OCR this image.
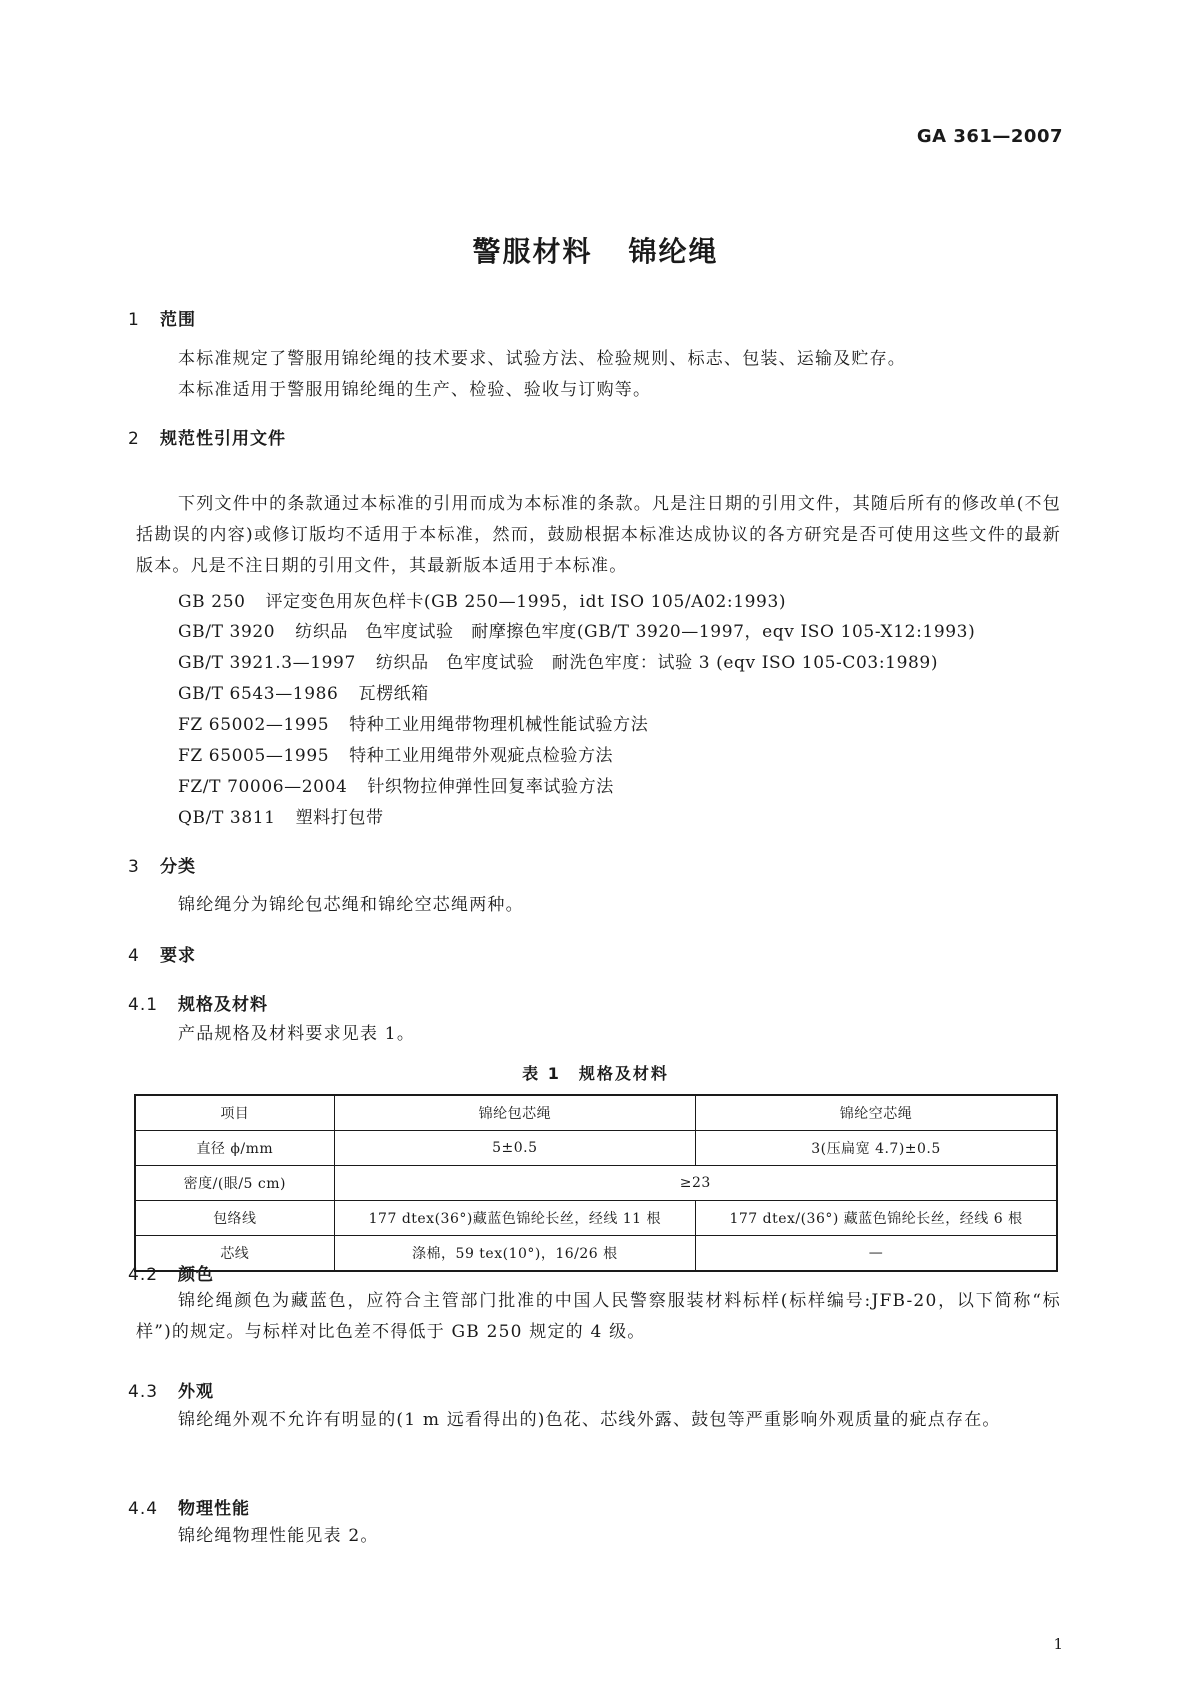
GA 361—2007
警服材料 锦纶绳
1 范围
本标准规定了警服用锦纶绳的技术要求、试验方法、检验规则、标志、包装、运输及贮存。
本标准适用于警服用锦纶绳的生产、检验、验收与订购等。
2 规范性引用文件
下列文件中的条款通过本标准的引用而成为本标准的条款。凡是注日期的引用文件，其随后所有的修改单(不包括勘误的内容)或修订版均不适用于本标准，然而，鼓励根据本标准达成协议的各方研究是否可使用这些文件的最新版本。凡是不注日期的引用文件，其最新版本适用于本标准。
GB 250 评定变色用灰色样卡(GB 250—1995，idt ISO 105/A02:1993)
GB/T 3920 纺织品　色牢度试验　耐摩擦色牢度(GB/T 3920—1997，eqv ISO 105-X12:1993)
GB/T 3921.3—1997 纺织品　色牢度试验　耐洗色牢度：试验 3 (eqv ISO 105-C03:1989)
GB/T 6543—1986 瓦楞纸箱
FZ 65002—1995 特种工业用绳带物理机械性能试验方法
FZ 65005—1995 特种工业用绳带外观疵点检验方法
FZ/T 70006—2004 针织物拉伸弹性回复率试验方法
QB/T 3811 塑料打包带
3 分类
锦纶绳分为锦纶包芯绳和锦纶空芯绳两种。
4 要求
4.1 规格及材料
产品规格及材料要求见表 1。
表 1　规格及材料
项目	锦纶包芯绳	锦纶空芯绳
直径 ϕ/mm	5±0.5	3(压扁宽 4.7)±0.5
密度/(眼/5 cm)	≥23	
包络线	177 dtex(36°)藏蓝色锦纶长丝，经线 11 根	177 dtex/(36°) 藏蓝色锦纶长丝，经线 6 根
芯线	涤棉，59 tex(10°)，16/26 根	—
4.2 颜色
锦纶绳颜色为藏蓝色，应符合主管部门批准的中国人民警察服装材料标样(标样编号:JFB-20，以下简称“标样”)的规定。与标样对比色差不得低于 GB 250 规定的 4 级。
4.3 外观
锦纶绳外观不允许有明显的(1 m 远看得出的)色花、芯线外露、鼓包等严重影响外观质量的疵点存在。
4.4 物理性能
锦纶绳物理性能见表 2。
1
